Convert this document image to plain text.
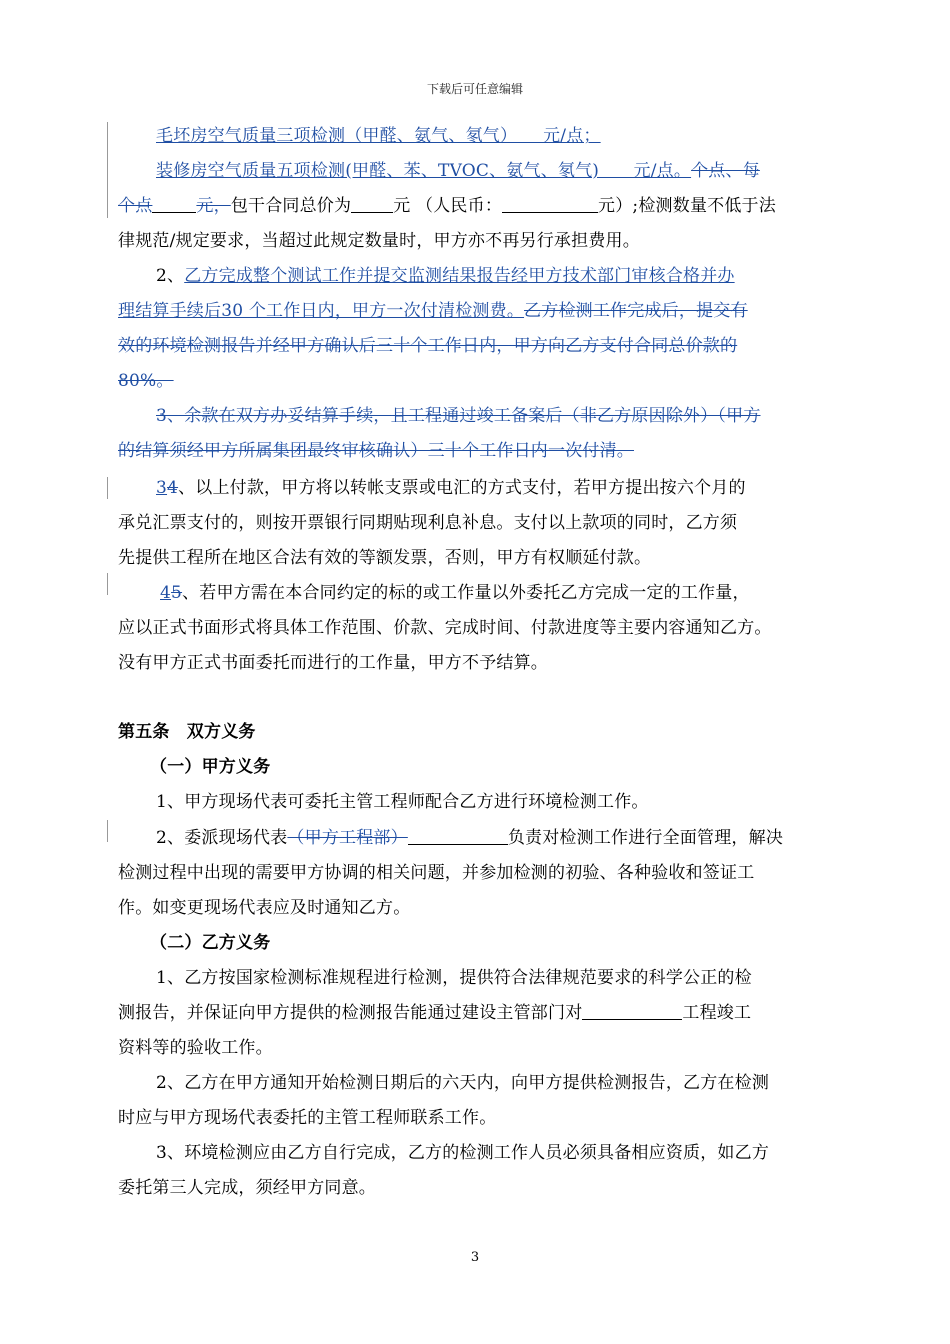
下载后可任意编辑
毛坯房空气质量三项检测（甲醛、氨气、氡气）　　元/点；
装修房空气质量五项检测(甲醛、苯、TVOC、氨气、氡气)　　元/点。个点、每
个点	元，包干合同总价为 元 （人民币：	元）;检测数量不低于法
律规范/规定要求，当超过此规定数量时，甲方亦不再另行承担费用。
2、乙方完成整个测试工作并提交监测结果报告经甲方技术部门审核合格并办
理结算手续后30 个工作日内，甲方一次付清检测费。乙方检测工作完成后，提交有
效的环境检测报告并经甲方确认后三十个工作日内，甲方向乙方支付合同总价款的
80%。
3、余款在双方办妥结算手续，且工程通过竣工备案后（非乙方原因除外）（甲方
的结算须经甲方所属集团最终审核确认）三十个工作日内一次付清。
34、以上付款，甲方将以转帐支票或电汇的方式支付，若甲方提出按六个月的
承兑汇票支付的，则按开票银行同期贴现利息补息。支付以上款项的同时，乙方须
先提供工程所在地区合法有效的等额发票，否则，甲方有权顺延付款。
45、若甲方需在本合同约定的标的或工作量以外委托乙方完成一定的工作量，
应以正式书面形式将具体工作范围、价款、完成时间、付款进度等主要内容通知乙方。
没有甲方正式书面委托而进行的工作量，甲方不予结算。
第五条　双方义务
（一）甲方义务
1、甲方现场代表可委托主管工程师配合乙方进行环境检测工作。
2、委派现场代表（甲方工程部）	负责对检测工作进行全面管理，解决
检测过程中出现的需要甲方协调的相关问题，并参加检测的初验、各种验收和签证工
作。如变更现场代表应及时通知乙方。
（二）乙方义务
1、乙方按国家检测标准规程进行检测，提供符合法律规范要求的科学公正的检
测报告，并保证向甲方提供的检测报告能通过建设主管部门对	工程竣工
资料等的验收工作。
2、乙方在甲方通知开始检测日期后的六天内，向甲方提供检测报告，乙方在检测
时应与甲方现场代表委托的主管工程师联系工作。
3、环境检测应由乙方自行完成，乙方的检测工作人员必须具备相应资质，如乙方
委托第三人完成，须经甲方同意。
3
